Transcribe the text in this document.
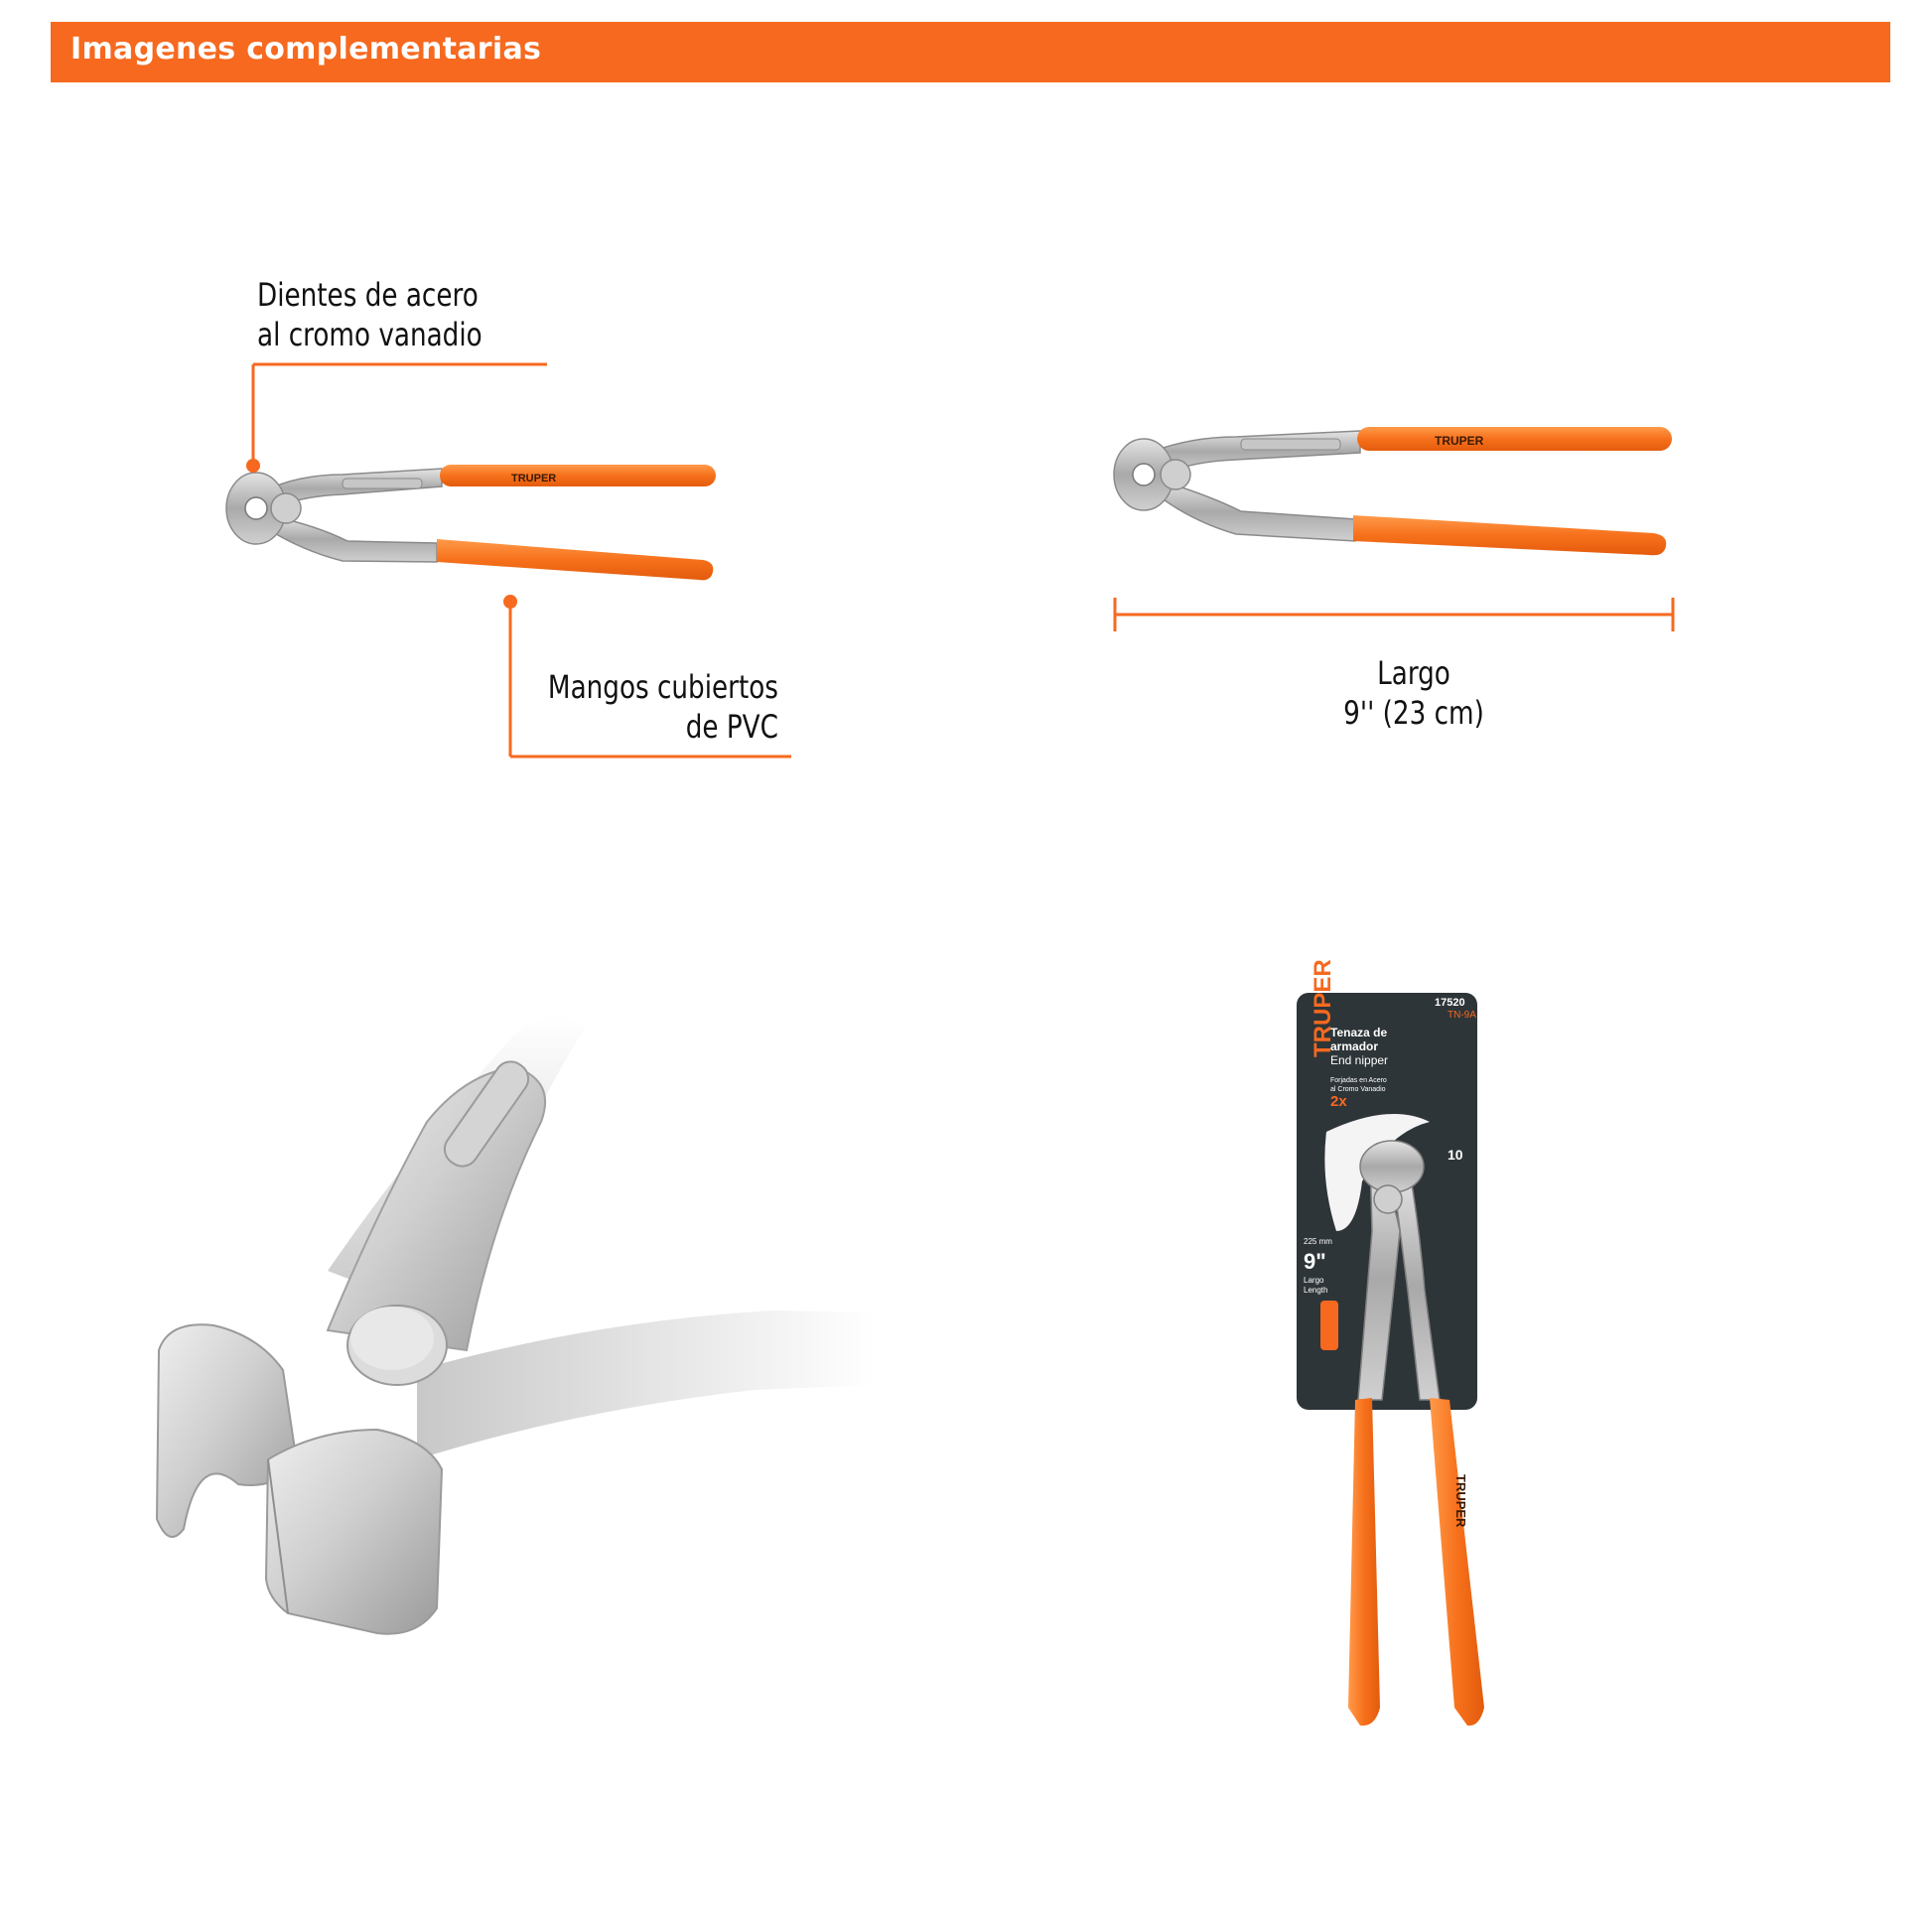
Imagenes complementarias
TRUPER
TRUPER
TRUPER	17520
TN-9A
Tenaza de
armador
End nipper
Forjadas en Acero
al Cromo Vanadio
2x
10
225 mm
9"
Largo
Length
TRUPER
Dientes de acero
al cromo vanadio
Mangos cubiertos
de PVC
Largo
9'' (23 cm)
